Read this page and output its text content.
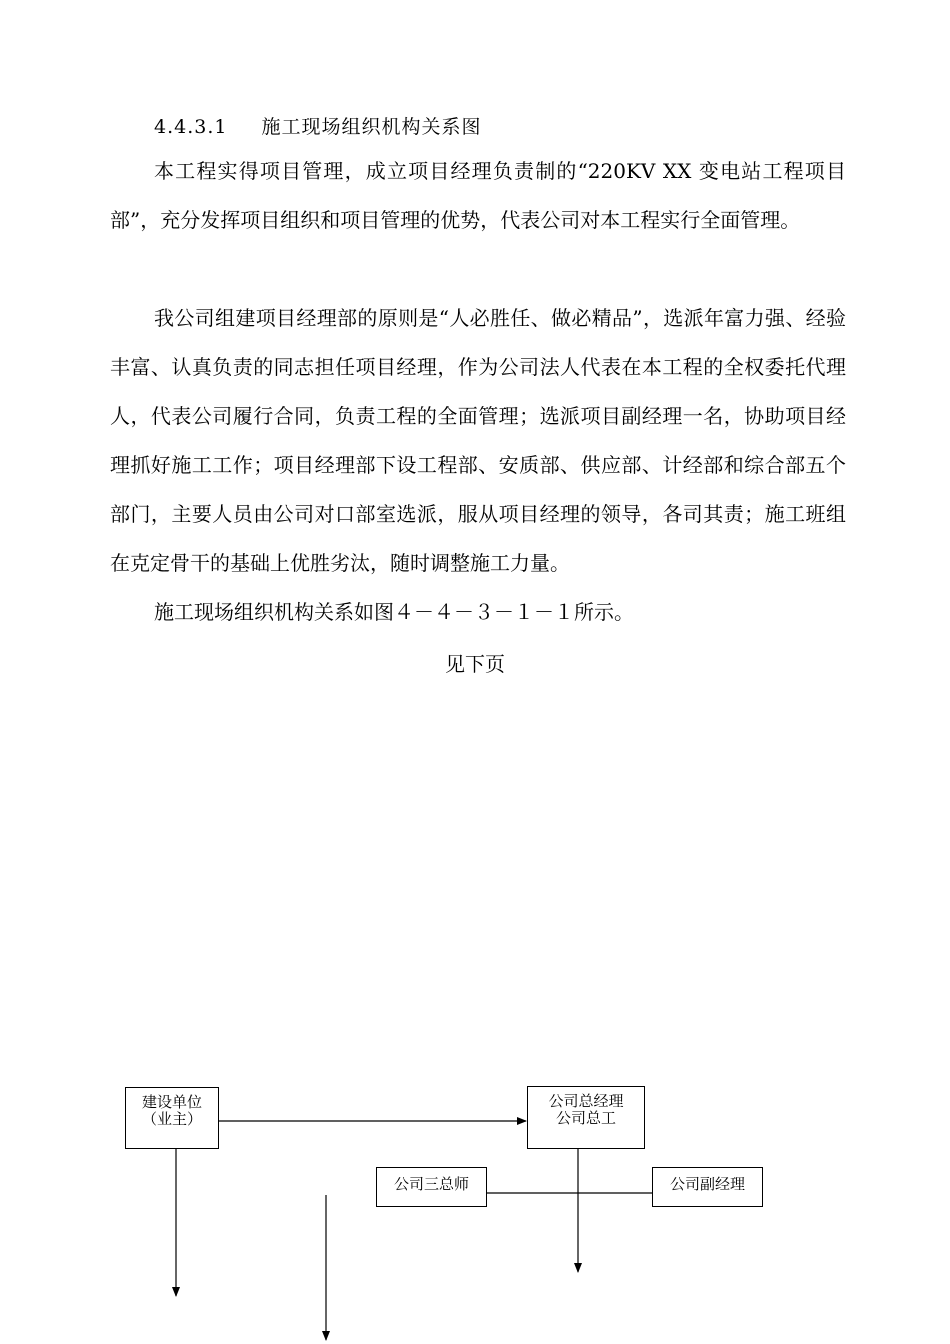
4.4.3.1 施工现场组织机构关系图

本工程实得项目管理，成立项目经理负责制的“220KV XX 变电站工程项目部”，充分发挥项目组织和项目管理的优势，代表公司对本工程实行全面管理。

我公司组建项目经理部的原则是“人必胜任、做必精品”，选派年富力强、经验丰富、认真负责的同志担任项目经理，作为公司法人代表在本工程的全权委托代理人，代表公司履行合同，负责工程的全面管理；选派项目副经理一名，协助项目经理抓好施工工作；项目经理部下设工程部、安质部、供应部、计经部和综合部五个部门，主要人员由公司对口部室选派，服从项目经理的领导，各司其责；施工班组在克定骨干的基础上优胜劣汰，随时调整施工力量。

施工现场组织机构关系如图４－４－３－１－１所示。

见下页
建设单位
（业主）
公司总经理
公司总工
公司三总师	公司副经理
